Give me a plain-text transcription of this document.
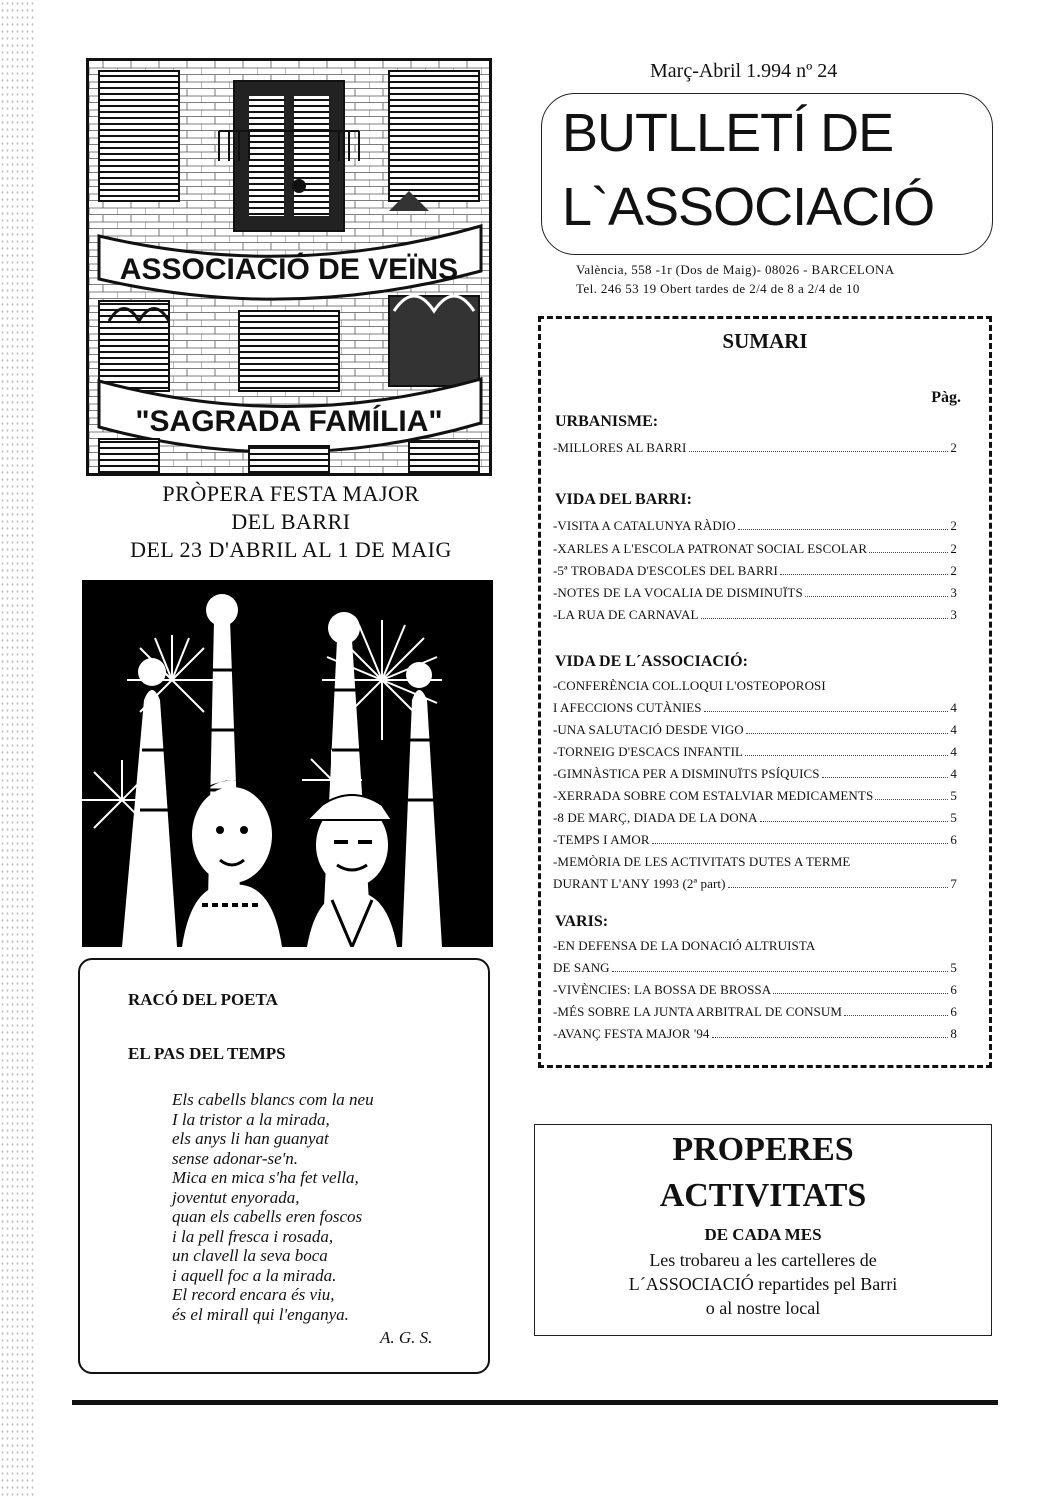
ASSOCIACIÓ DE VEÏNS
"SAGRADA FAMÍLIA"
PRÒPERA FESTA MAJOR
DEL BARRI
DEL 23 D'ABRIL AL 1 DE MAIG
RACÓ DEL POETA
EL PAS DEL TEMPS
Els cabells blancs com la neu
I la tristor a la mirada,
els anys li han guanyat
sense adonar-se'n.
Mica en mica s'ha fet vella,
joventut enyorada,
quan els cabells eren foscos
i la pell fresca i rosada,
un clavell la seva boca
i aquell foc a la mirada.
El record encara és viu,
és el mirall qui l'enganya.
A. G. S.
Març-Abril 1.994 nº 24
BUTLLETÍ DE
L`ASSOCIACIÓ
València, 558 -1r (Dos de Maig)- 08026 - BARCELONA
Tel. 246 53 19 Obert tardes de 2/4 de 8 a 2/4 de 10
SUMARI
Pàg.
URBANISME:
-MILLORES AL BARRI	2
VIDA DEL BARRI:
-VISITA A CATALUNYA RÀDIO	2
-XARLES A L'ESCOLA PATRONAT SOCIAL ESCOLAR	2
-5ª TROBADA D'ESCOLES DEL BARRI	2
-NOTES DE LA VOCALIA DE DISMINUÏTS	3
-LA RUA DE CARNAVAL	3
VIDA DE L´ASSOCIACIÓ:
-CONFERÈNCIA COL.LOQUI L'OSTEOPOROSI
I AFECCIONS CUTÀNIES	4
-UNA SALUTACIÓ DESDE VIGO	4
-TORNEIG D'ESCACS INFANTIL	4
-GIMNÀSTICA PER A DISMINUÏTS PSÍQUICS	4
-XERRADA SOBRE COM ESTALVIAR MEDICAMENTS	5
-8 DE MARÇ, DIADA DE LA DONA	5
-TEMPS I AMOR	6
-MEMÒRIA DE LES ACTIVITATS DUTES A TERME
DURANT L'ANY 1993 (2ª part)	7
VARIS:
-EN DEFENSA DE LA DONACIÓ ALTRUISTA
DE SANG	5
-VIVÈNCIES: LA BOSSA DE BROSSA	6
-MÉS SOBRE LA JUNTA ARBITRAL DE CONSUM	6
-AVANÇ FESTA MAJOR '94	8
PROPERES
ACTIVITATS
DE CADA MES
Les trobareu a les cartelleres de
L´ASSOCIACIÓ repartides pel Barri
o al nostre local
